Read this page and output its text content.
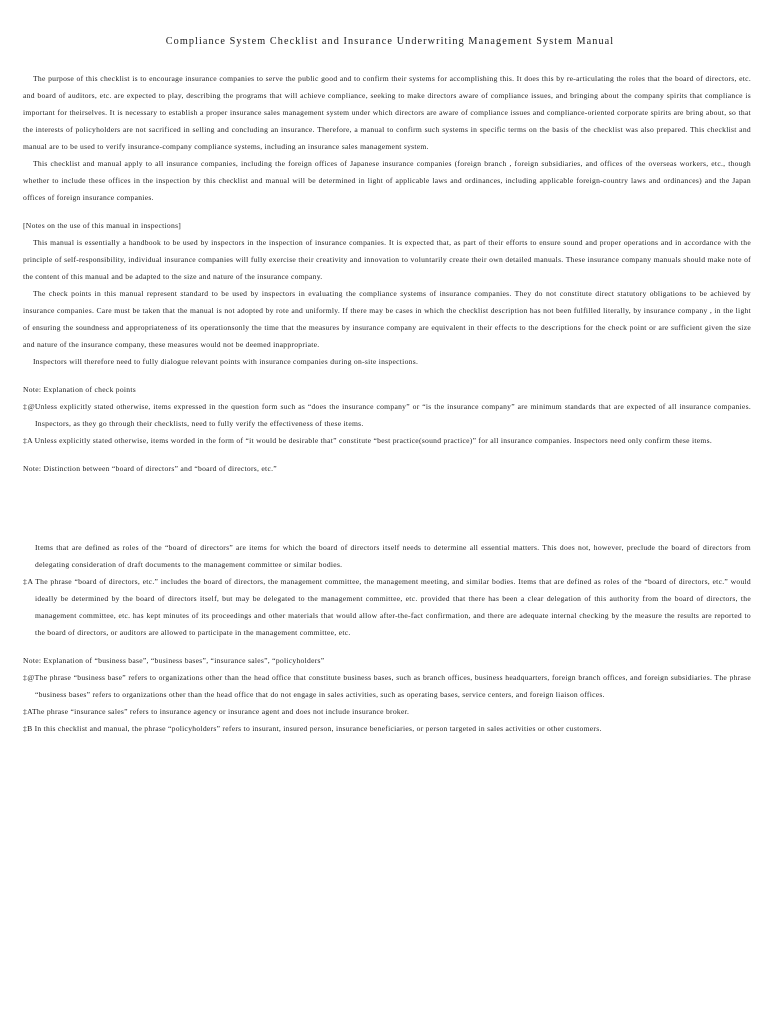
Compliance System Checklist and Insurance Underwriting Management System Manual

The purpose of this checklist is to encourage insurance companies to serve the public good and to confirm their systems for accomplishing this. It does this by re-articulating the roles that the board of directors, etc. and board of auditors, etc. are expected to play, describing the programs that will achieve compliance, seeking to make directors aware of compliance issues, and bringing about the company spirits that compliance is important for theirselves. It is necessary to establish a proper insurance sales management system under which directors are aware of compliance issues and compliance-oriented corporate spirits are bring about, so that the interests of policyholders are not sacrificed in selling and concluding an insurance. Therefore, a manual to confirm such systems in specific terms on the basis of the checklist was also prepared. This checklist and manual are to be used to verify insurance-company compliance systems, including an insurance sales management system.

This checklist and manual apply to all insurance companies, including the foreign offices of Japanese insurance companies (foreign branch , foreign subsidiaries, and offices of the overseas workers, etc., though whether to include these offices in the inspection by this checklist and manual will be determined in light of applicable laws and ordinances, including applicable foreign-country laws and ordinances) and the Japan offices of foreign insurance companies.

[Notes on the use of this manual in inspections]

This manual is essentially a handbook to be used by inspectors in the inspection of insurance companies. It is expected that, as part of their efforts to ensure sound and proper operations and in accordance with the principle of self-responsibility, individual insurance companies will fully exercise their creativity and innovation to voluntarily create their own detailed manuals. These insurance company manuals should make note of the content of this manual and be adapted to the size and nature of the insurance company.

The check points in this manual represent standard to be used by inspectors in evaluating the compliance systems of insurance companies. They do not constitute direct statutory obligations to be achieved by insurance companies. Care must be taken that the manual is not adopted by rote and uniformly. If there may be cases in which the checklist description has not been fulfilled literally, by insurance company , in the light of ensuring the soundness and appropriateness of its operationsonly the time that the measures by insurance company are equivalent in their effects to the descriptions for the check point or are sufficient given the size and nature of the insurance company, these measures would not be deemed inappropriate.

Inspectors will therefore need to fully dialogue relevant points with insurance companies during on-site inspections.

Note: Explanation of check points

‡@Unless explicitly stated otherwise, items expressed in the question form such as “does the insurance company” or “is the insurance company” are minimum standards that are expected of all insurance companies. Inspectors, as they go through their checklists, need to fully verify the effectiveness of these items.

‡A Unless explicitly stated otherwise, items worded in the form of “it would be desirable that” constitute “best practice(sound practice)” for all insurance companies. Inspectors need only confirm these items.

Note: Distinction between “board of directors” and “board of directors, etc.”

Items that are defined as roles of the “board of directors” are items for which the board of directors itself needs to determine all essential matters. This does not, however, preclude the board of directors from delegating consideration of draft documents to the management committee or similar bodies.

‡A The phrase “board of directors, etc.” includes the board of directors, the management committee, the management meeting, and similar bodies. Items that are defined as roles of the “board of directors, etc.” would ideally be determined by the board of directors itself, but may be delegated to the management committee, etc. provided that there has been a clear delegation of this authority from the board of directors, the management committee, etc. has kept minutes of its proceedings and other materials that would allow after-the-fact confirmation, and there are adequate internal checking by the measure the results are reported to the board of directors, or auditors are allowed to participate in the management committee, etc.

Note: Explanation of “business base”, “business bases”, “insurance sales”, “policyholders”

‡@The phrase “business base” refers to organizations other than the head office that constitute business bases, such as branch offices, business headquarters, foreign branch offices, and foreign subsidiaries. The phrase “business bases” refers to organizations other than the head office that do not engage in sales activities, such as operating bases, service centers, and foreign liaison offices.

‡AThe phrase “insurance sales” refers to insurance agency or insurance agent and does not include insurance broker.

‡B In this checklist and manual, the phrase “policyholders” refers to insurant, insured person, insurance beneficiaries, or person targeted in sales activities or other customers.
